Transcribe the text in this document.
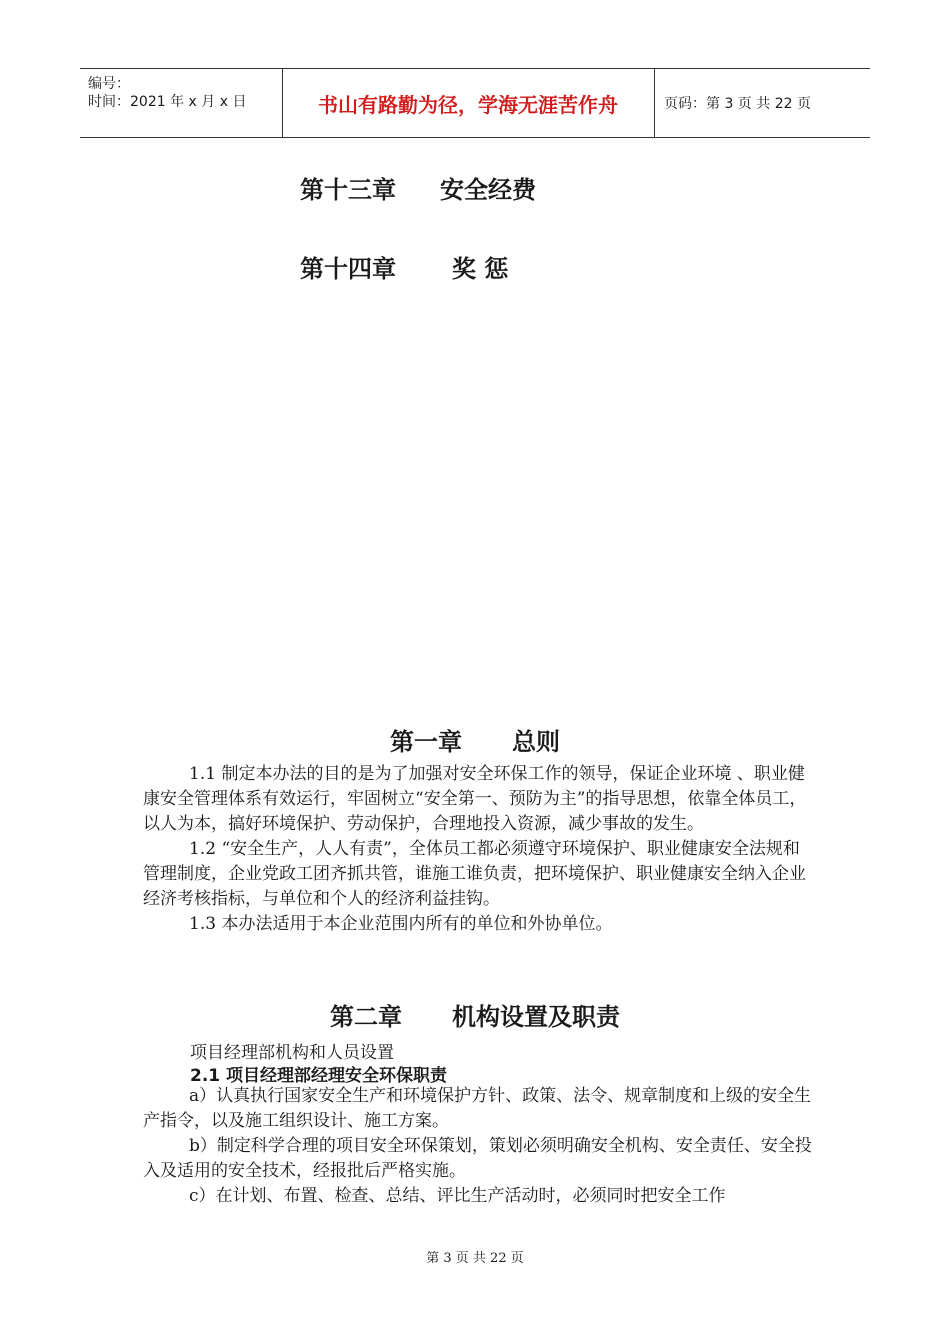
编号：
时间：2021 年 x 月 x 日	书山有路勤为径，学海无涯苦作舟	页码：第 3 页 共 22 页
第十三章 安全经费
第十四章 奖 惩
第一章 总则

1.1 制定本办法的目的是为了加强对安全环保工作的领导，保证企业环境 、职业健康安全管理体系有效运行，牢固树立“安全第一、预防为主”的指导思想，依靠全体员工，以人为本，搞好环境保护、劳动保护，合理地投入资源，减少事故的发生。

1.2 “安全生产，人人有责”，全体员工都必须遵守环境保护、职业健康安全法规和管理制度，企业党政工团齐抓共管，谁施工谁负责，把环境保护、职业健康安全纳入企业经济考核指标，与单位和个人的经济利益挂钩。

1.3 本办法适用于本企业范围内所有的单位和外协单位。

第二章 机构设置及职责
项目经理部机构和人员设置
2.1 项目经理部经理安全环保职责

a）认真执行国家安全生产和环境保护方针、政策、法令、规章制度和上级的安全生产指令，以及施工组织设计、施工方案。

b）制定科学合理的项目安全环保策划，策划必须明确安全机构、安全责任、安全投入及适用的安全技术，经报批后严格实施。

c）在计划、布置、检查、总结、评比生产活动时，必须同时把安全工作

第 3 页 共 22 页
